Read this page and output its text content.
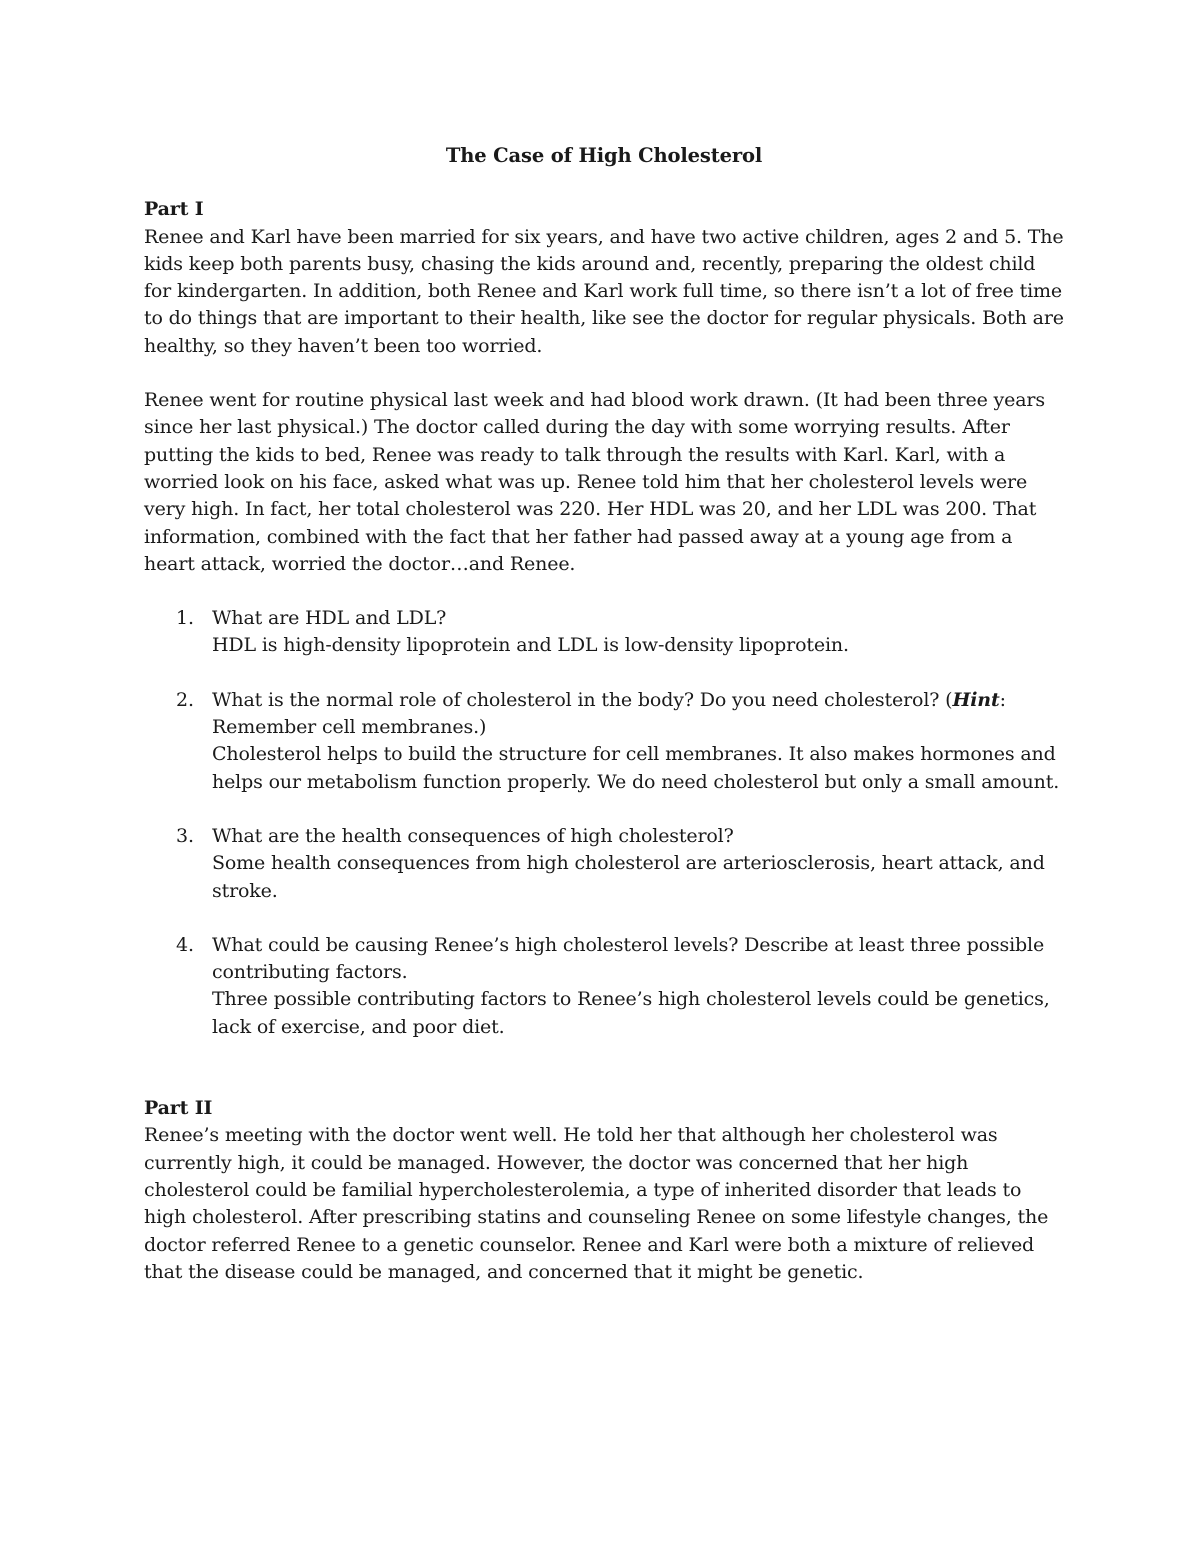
The Case of High Cholesterol

Part I

Renee and Karl have been married for six years, and have two active children, ages 2 and 5. The kids keep both parents busy, chasing the kids around and, recently, preparing the oldest child for kindergarten. In addition, both Renee and Karl work full time, so there isn’t a lot of free time to do things that are important to their health, like see the doctor for regular physicals. Both are healthy, so they haven’t been too worried.

Renee went for routine physical last week and had blood work drawn. (It had been three years since her last physical.) The doctor called during the day with some worrying results. After putting the kids to bed, Renee was ready to talk through the results with Karl. Karl, with a worried look on his face, asked what was up. Renee told him that her cholesterol levels were very high. In fact, her total cholesterol was 220. Her HDL was 20, and her LDL was 200. That information, combined with the fact that her father had passed away at a young age from a heart attack, worried the doctor…and Renee.

1. What are HDL and LDL?

HDL is high-density lipoprotein and LDL is low-density lipoprotein.

2. What is the normal role of cholesterol in the body? Do you need cholesterol? (Hint: Remember cell membranes.)

Cholesterol helps to build the structure for cell membranes. It also makes hormones and helps our metabolism function properly. We do need cholesterol but only a small amount.

3. What are the health consequences of high cholesterol?

Some health consequences from high cholesterol are arteriosclerosis, heart attack, and stroke.

4. What could be causing Renee’s high cholesterol levels? Describe at least three possible contributing factors.

Three possible contributing factors to Renee’s high cholesterol levels could be genetics, lack of exercise, and poor diet.

Part II

Renee’s meeting with the doctor went well. He told her that although her cholesterol was currently high, it could be managed. However, the doctor was concerned that her high cholesterol could be familial hypercholesterolemia, a type of inherited disorder that leads to high cholesterol. After prescribing statins and counseling Renee on some lifestyle changes, the doctor referred Renee to a genetic counselor. Renee and Karl were both a mixture of relieved that the disease could be managed, and concerned that it might be genetic.
